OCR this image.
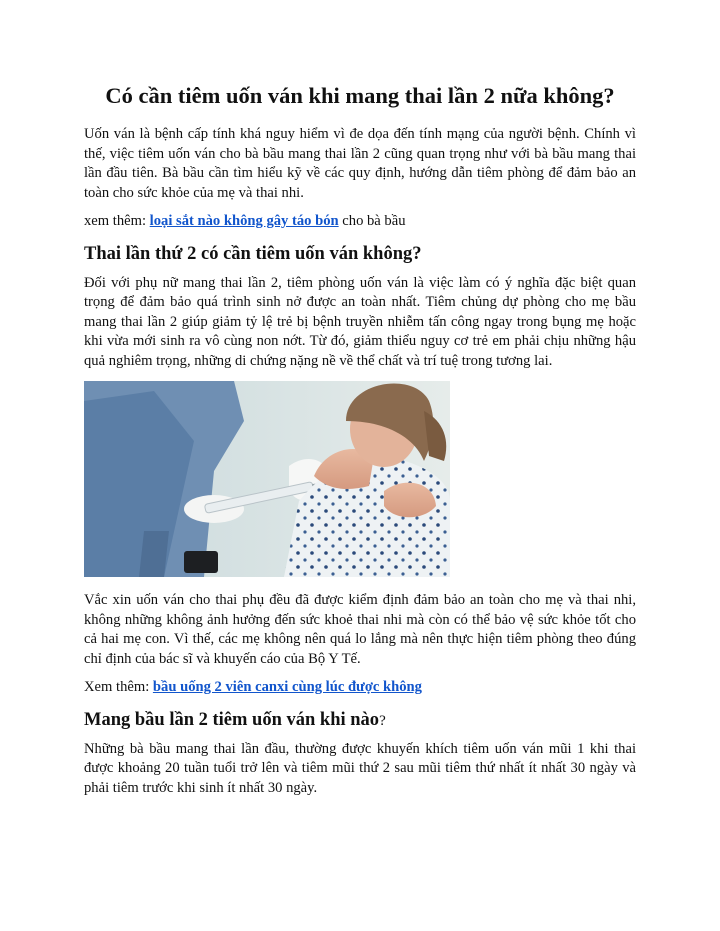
Có cần tiêm uốn ván khi mang thai lần 2 nữa không?

Uốn ván là bệnh cấp tính khá nguy hiểm vì đe dọa đến tính mạng của người bệnh. Chính vì thế, việc tiêm uốn ván cho bà bầu mang thai lần 2 cũng quan trọng như với bà bầu mang thai lần đầu tiên. Bà bầu cần tìm hiểu kỹ về các quy định, hướng dẫn tiêm phòng để đảm bảo an toàn cho sức khỏe của mẹ và thai nhi.

xem thêm: loại sắt nào không gây táo bón cho bà bầu

Thai lần thứ 2 có cần tiêm uốn ván không?

Đối với phụ nữ mang thai lần 2, tiêm phòng uốn ván là việc làm có ý nghĩa đặc biệt quan trọng để đảm bảo quá trình sinh nở được an toàn nhất. Tiêm chủng dự phòng cho mẹ bầu mang thai lần 2 giúp giảm tỷ lệ trẻ bị bệnh truyền nhiễm tấn công ngay trong bụng mẹ hoặc khi vừa mới sinh ra vô cùng non nớt. Từ đó, giảm thiểu nguy cơ trẻ em phải chịu những hậu quả nghiêm trọng, những di chứng nặng nề về thể chất và trí tuệ trong tương lai.

Vắc xin uốn ván cho thai phụ đều đã được kiểm định đảm bảo an toàn cho mẹ và thai nhi, không những không ảnh hưởng đến sức khoẻ thai nhi mà còn có thể bảo vệ sức khỏe tốt cho cả hai mẹ con. Vì thế, các mẹ không nên quá lo lắng mà nên thực hiện tiêm phòng theo đúng chỉ định của bác sĩ và khuyến cáo của Bộ Y Tế.

Xem thêm: bầu uống 2 viên canxi cùng lúc được không

Mang bầu lần 2 tiêm uốn ván khi nào?

Những bà bầu mang thai lần đầu, thường được khuyến khích tiêm uốn ván mũi 1 khi thai được khoảng 20 tuần tuổi trở lên và tiêm mũi thứ 2 sau mũi tiêm thứ nhất ít nhất 30 ngày và phải tiêm trước khi sinh ít nhất 30 ngày.
